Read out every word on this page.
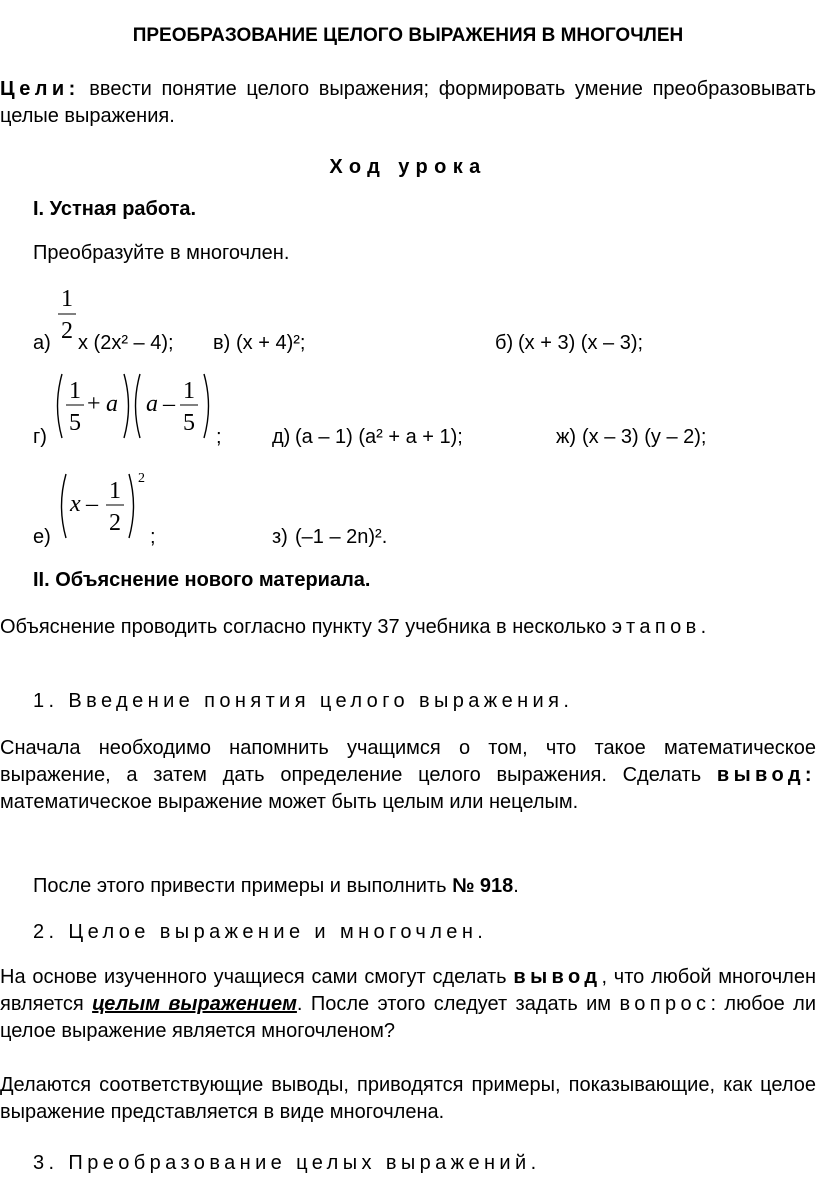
ПРЕОБРАЗОВАНИЕ ЦЕЛОГО ВЫРАЖЕНИЯ В МНОГОЧЛЕН
Цели: ввести понятие целого выражения; формировать умение преобразовывать целые выражения.
Ход урока
I. Устная работа.
Преобразуйте в многочлен.
а)
1
2 x (2x² – 4); в) (x + 4)²;	б) (x + 3) (x – 3);
г)
1
5
+ a a – 1
5
;	д) (а – 1) (а² + а + 1);	ж) (х – 3) (у – 2);
е)
x – 1
2
2
;	з) (–1 – 2n)².
II. Объяснение нового материала.
Объяснение проводить согласно пункту 37 учебника в несколько этапов.
1. Введение понятия целого выражения.
Сначала необходимо напомнить учащимся о том, что такое математическое выражение, а затем дать определение целого выражения. Сделать вывод: математическое выражение может быть целым или нецелым.
После этого привести примеры и выполнить № 918.
2. Целое выражение и многочлен.
На основе изученного учащиеся сами смогут сделать вывод, что любой многочлен является целым выражением. После этого следует задать им вопрос: любое ли целое выражение является многочленом?
Делаются соответствующие выводы, приводятся примеры, показывающие, как целое выражение представляется в виде многочлена.
3. Преобразование целых выражений.
